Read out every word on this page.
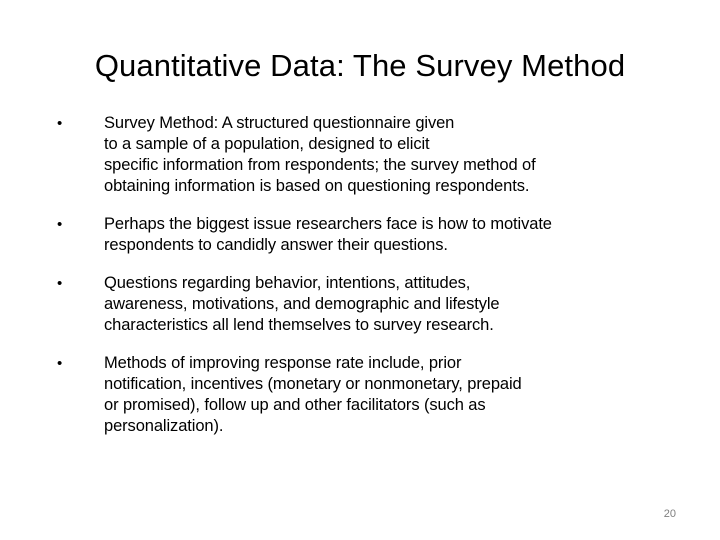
Quantitative Data: The Survey Method
•	Survey Method: A structured questionnaire given
to a sample of a population, designed to elicit
specific information from respondents; the survey method of
obtaining information is based on questioning respondents.
•	Perhaps the biggest issue researchers face is how to motivate
respondents to candidly answer their questions.
•	Questions regarding behavior, intentions, attitudes,
awareness, motivations, and demographic and lifestyle
characteristics all lend themselves to survey research.
•	Methods of improving response rate include, prior
notification, incentives (monetary or nonmonetary, prepaid
or promised), follow up and other facilitators (such as
personalization).
20
